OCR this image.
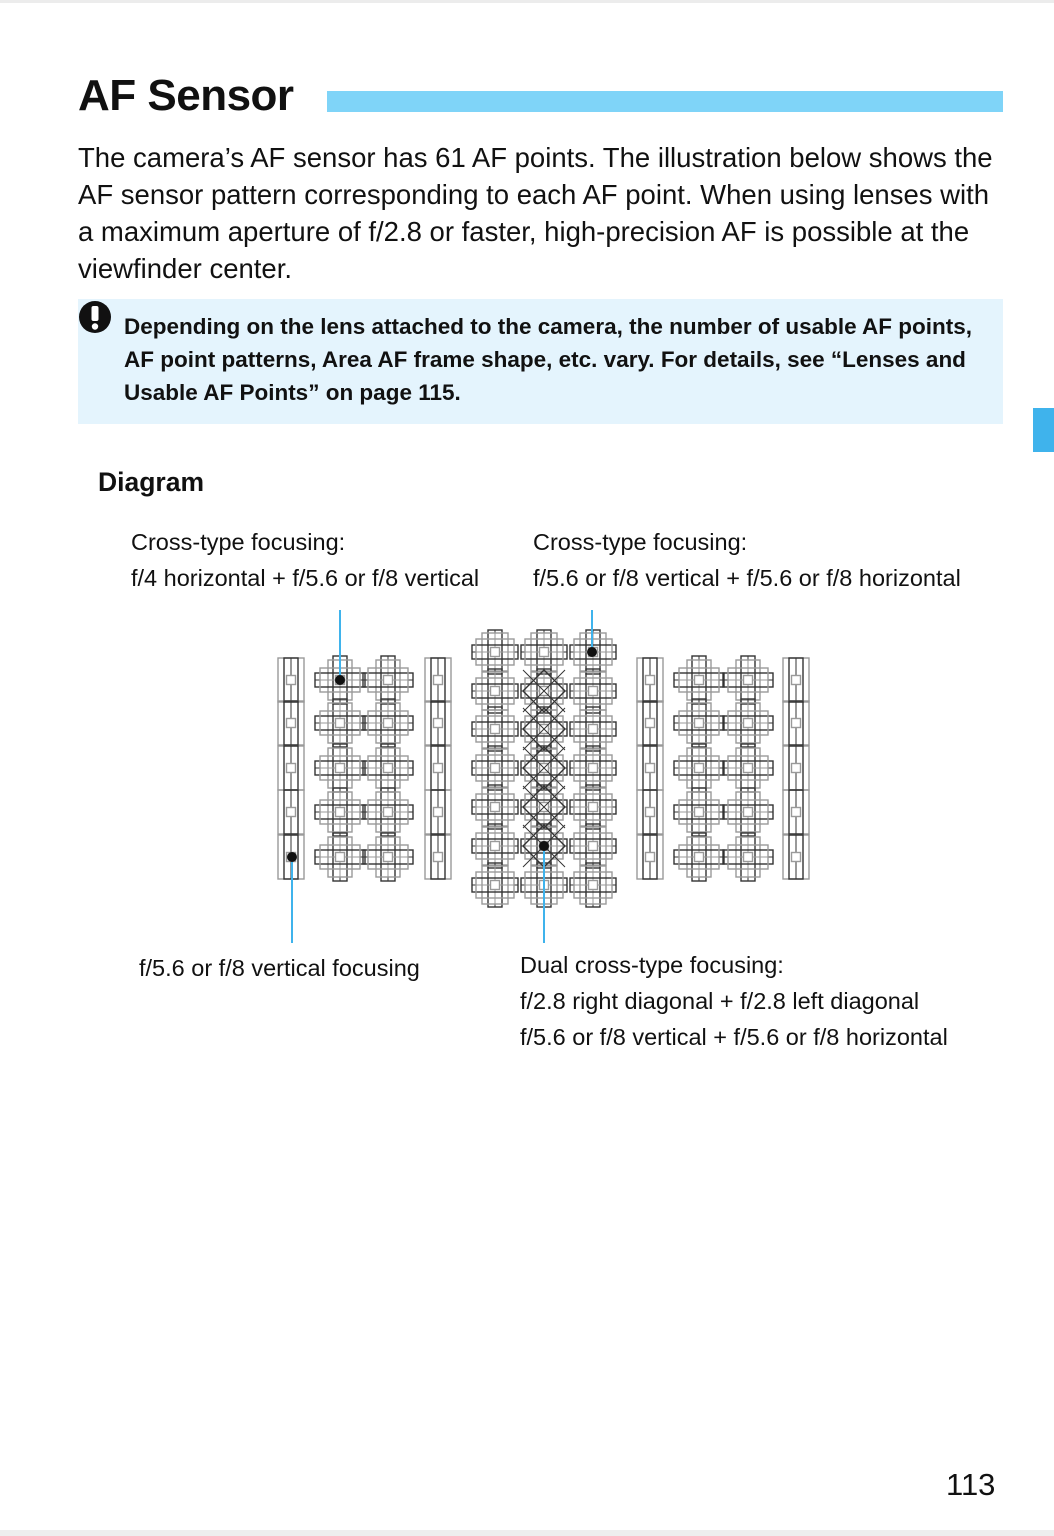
AF Sensor

The camera’s AF sensor has 61 AF points. The illustration below shows the AF sensor pattern corresponding to each AF point. When using lenses with a maximum aperture of f/2.8 or faster, high-precision AF is possible at the viewfinder center.

Depending on the lens attached to the camera, the number of usable AF points, AF point patterns, Area AF frame shape, etc. vary. For details, see “Lenses and Usable AF Points” on page 115.

Diagram

Cross-type focusing:

f/4 horizontal + f/5.6 or f/8 vertical

Cross-type focusing:

f/5.6 or f/8 vertical + f/5.6 or f/8 horizontal

f/5.6 or f/8 vertical focusing	Dual cross-type focusing:

f/2.8 right diagonal + f/2.8 left diagonal

f/5.6 or f/8 vertical + f/5.6 or f/8 horizontal

113
